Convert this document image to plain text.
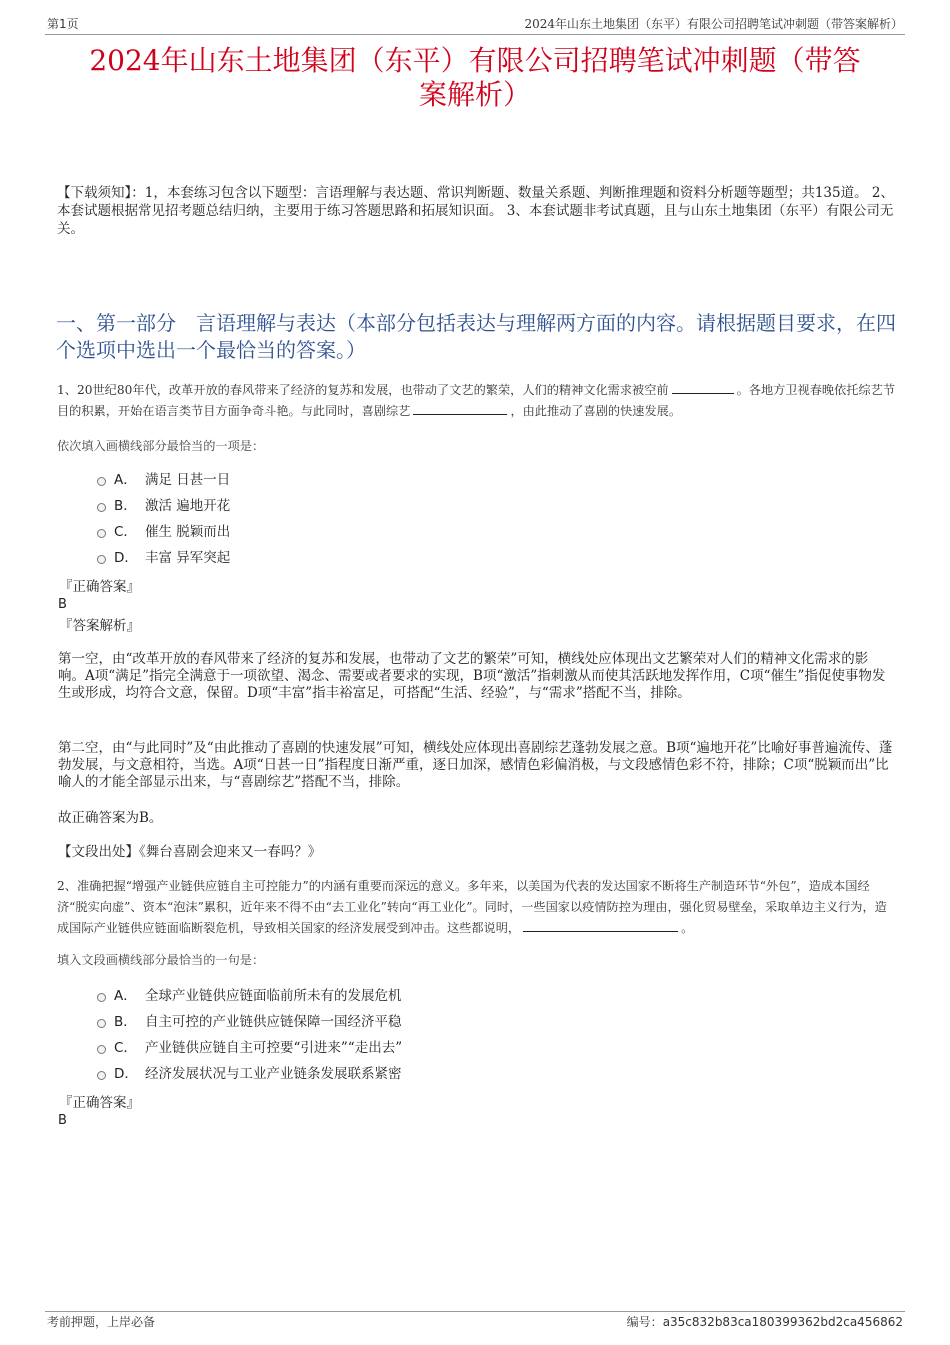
第1页	2024年山东土地集团（东平）有限公司招聘笔试冲刺题（带答案解析）
2024年山东土地集团（东平）有限公司招聘笔试冲刺题（带答
案解析）
【下载须知】：1，本套练习包含以下题型：言语理解与表达题、常识判断题、数量关系题、判断推理题和资料分析题等题型；共135道。 2、本套试题根据常见招考题总结归纳，主要用于练习答题思路和拓展知识面。 3、本套试题非考试真题，且与山东土地集团（东平）有限公司无关。
一、第一部分　言语理解与表达（本部分包括表达与理解两方面的内容。请根据题目要求，在四个选项中选出一个最恰当的答案。）
1、20世纪80年代，改革开放的春风带来了经济的复苏和发展，也带动了文艺的繁荣，人们的精神文化需求被空前	。各地方卫视春晚依托综艺节目的积累，开始在语言类节目方面争奇斗艳。与此同时，喜剧综艺	，由此推动了喜剧的快速发展。
依次填入画横线部分最恰当的一项是：
A． 满足 日甚一日
B． 激活 遍地开花
C． 催生 脱颖而出
D． 丰富 异军突起
『正确答案』
B
『答案解析』
第一空，由“改革开放的春风带来了经济的复苏和发展，也带动了文艺的繁荣”可知，横线处应体现出文艺繁荣对人们的精神文化需求的影响。A项“满足”指完全满意于一项欲望、渴念、需要或者要求的实现，B项“激活”指刺激从而使其活跃地发挥作用，C项“催生”指促使事物发生或形成，均符合文意，保留。D项“丰富”指丰裕富足，可搭配“生活、经验”，与“需求”搭配不当，排除。
第二空，由“与此同时”及“由此推动了喜剧的快速发展”可知，横线处应体现出喜剧综艺蓬勃发展之意。B项“遍地开花”比喻好事普遍流传、蓬勃发展，与文意相符，当选。A项“日甚一日”指程度日渐严重，逐日加深，感情色彩偏消极，与文段感情色彩不符，排除；C项“脱颖而出”比喻人的才能全部显示出来，与“喜剧综艺”搭配不当，排除。
故正确答案为B。
【文段出处】《舞台喜剧会迎来又一春吗？》
2、准确把握“增强产业链供应链自主可控能力”的内涵有重要而深远的意义。多年来，以美国为代表的发达国家不断将生产制造环节“外包”，造成本国经济“脱实向虚”、资本“泡沫”累积，近年来不得不由“去工业化”转向“再工业化”。同时，一些国家以疫情防控为理由，强化贸易壁垒，采取单边主义行为，造成国际产业链供应链面临断裂危机，导致相关国家的经济发展受到冲击。这些都说明，	。
填入文段画横线部分最恰当的一句是：
A． 全球产业链供应链面临前所未有的发展危机
B． 自主可控的产业链供应链保障一国经济平稳
C． 产业链供应链自主可控要“引进来”“走出去”
D． 经济发展状况与工业产业链条发展联系紧密
『正确答案』
B
考前押题，上岸必备	编号：a35c832b83ca180399362bd2ca456862
